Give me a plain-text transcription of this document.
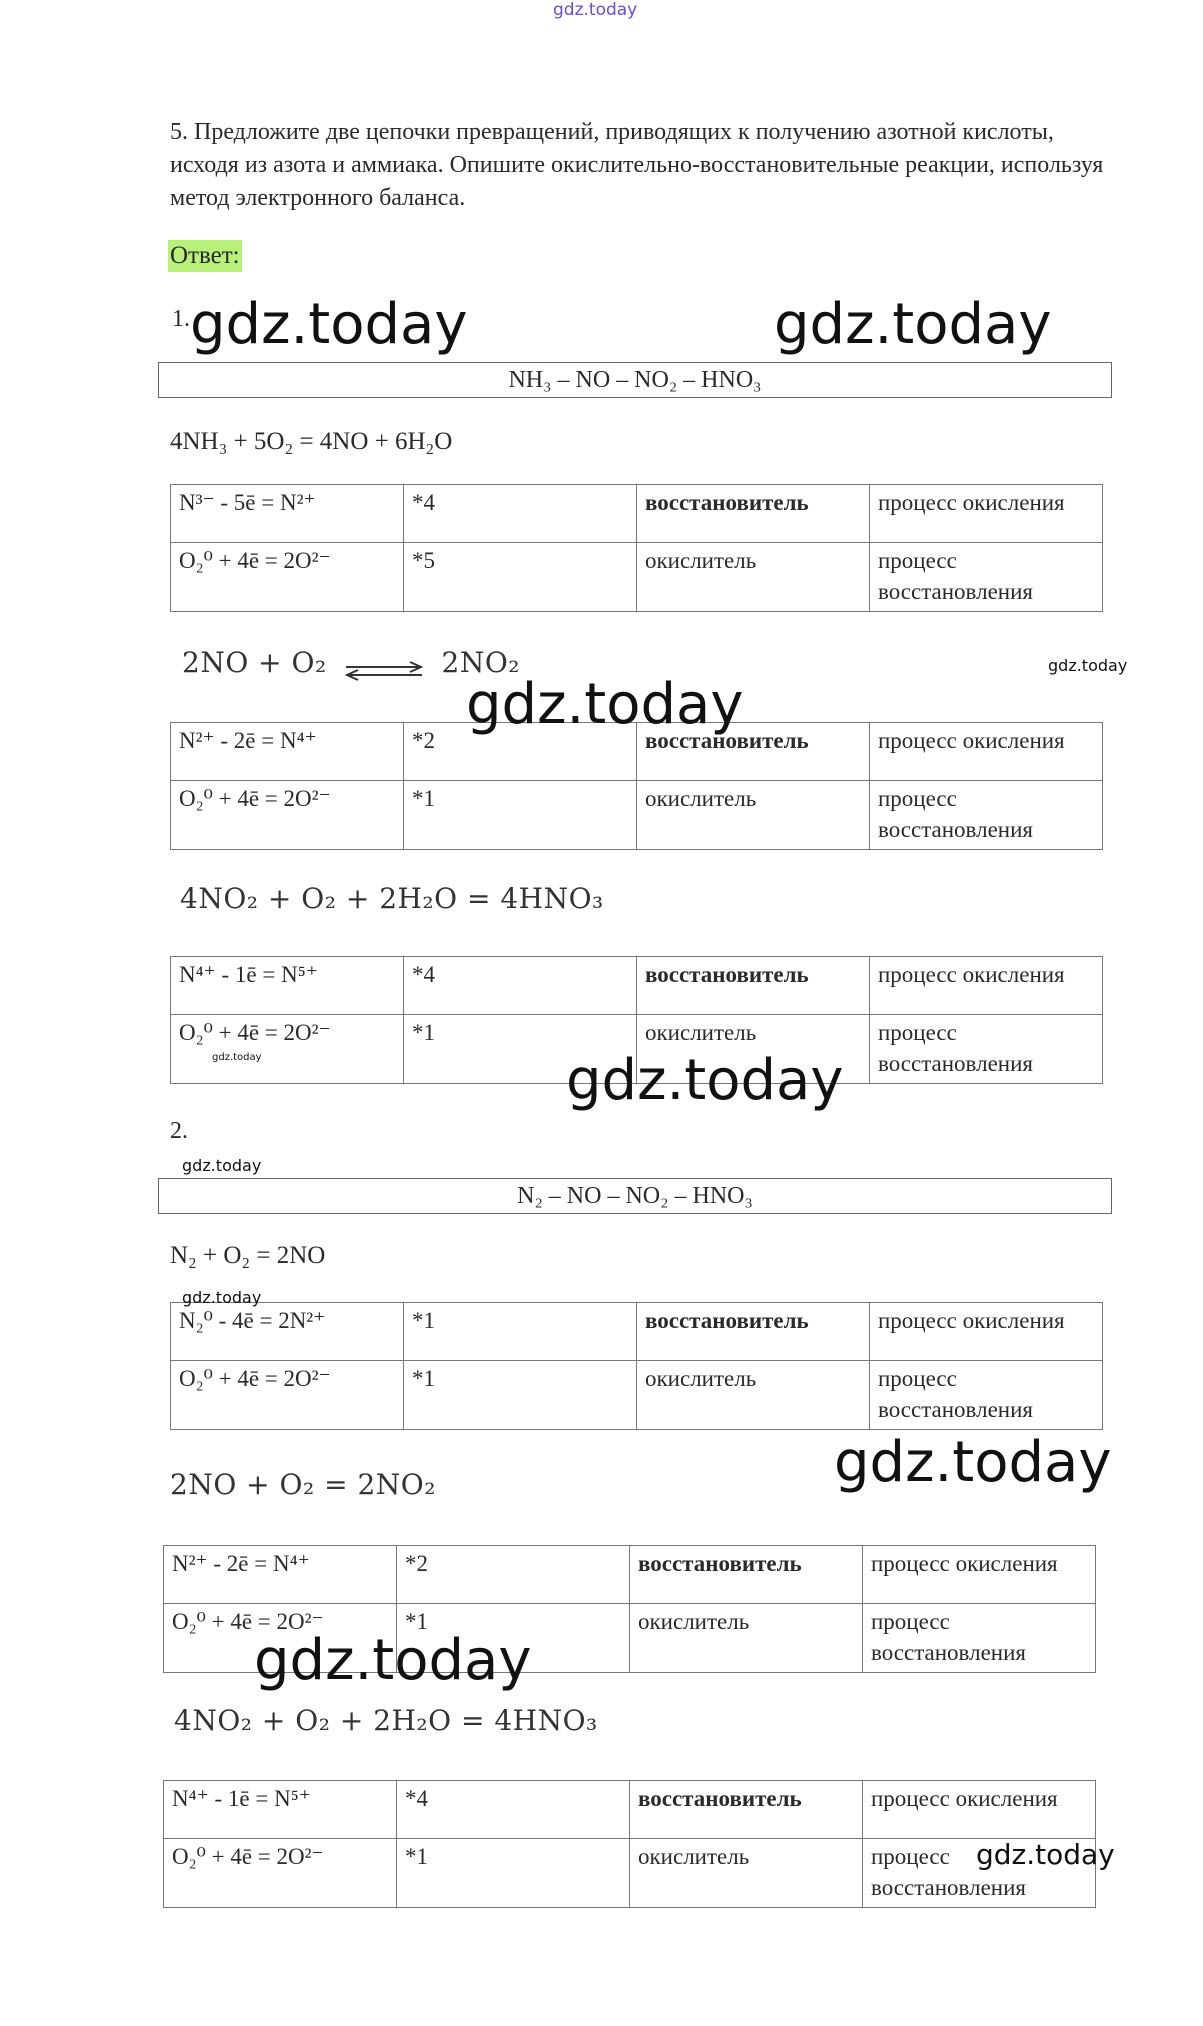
gdz.today
5. Предложите две цепочки превращений, приводящих к получению азотной кислоты, исходя из азота и аммиака. Опишите окислительно-восстановительные реакции, используя метод электронного баланса.
Ответ:
1.
NH₃ – NO – NO₂ – HNO₃
4NH₃ + 5O₂ = 4NO + 6H₂O
N³⁻ - 5ē = N²⁺	*4	восстановитель	процесс окисления
O₂⁰ + 4ē = 2O²⁻	*5	окислитель	процесс восстановления
2NO + O₂ ⇌ 2NO₂
N²⁺ - 2ē = N⁴⁺	*2	восстановитель	процесс окисления
O₂⁰ + 4ē = 2O²⁻	*1	окислитель	процесс восстановления
4NO₂ + O₂ + 2H₂O = 4HNO₃
N⁴⁺ - 1ē = N⁵⁺	*4	восстановитель	процесс окисления
O₂⁰ + 4ē = 2O²⁻	*1	окислитель	процесс восстановления
2.
N₂ – NO – NO₂ – HNO₃
N₂ + O₂ = 2NO
N₂⁰ - 4ē = 2N²⁺	*1	восстановитель	процесс окисления
O₂⁰ + 4ē = 2O²⁻	*1	окислитель	процесс восстановления
2NO + O₂ = 2NO₂
N²⁺ - 2ē = N⁴⁺	*2	восстановитель	процесс окисления
O₂⁰ + 4ē = 2O²⁻	*1	окислитель	процесс восстановления
4NO₂ + O₂ + 2H₂O = 4HNO₃
N⁴⁺ - 1ē = N⁵⁺	*4	восстановитель	процесс окисления
O₂⁰ + 4ē = 2O²⁻	*1	окислитель	процесс восстановления
gdz.today	gdz.today
gdz.today
gdz.today
gdz.today	gdz.today
gdz.today
gdz.today
gdz.today
gdz.today
gdz.today
